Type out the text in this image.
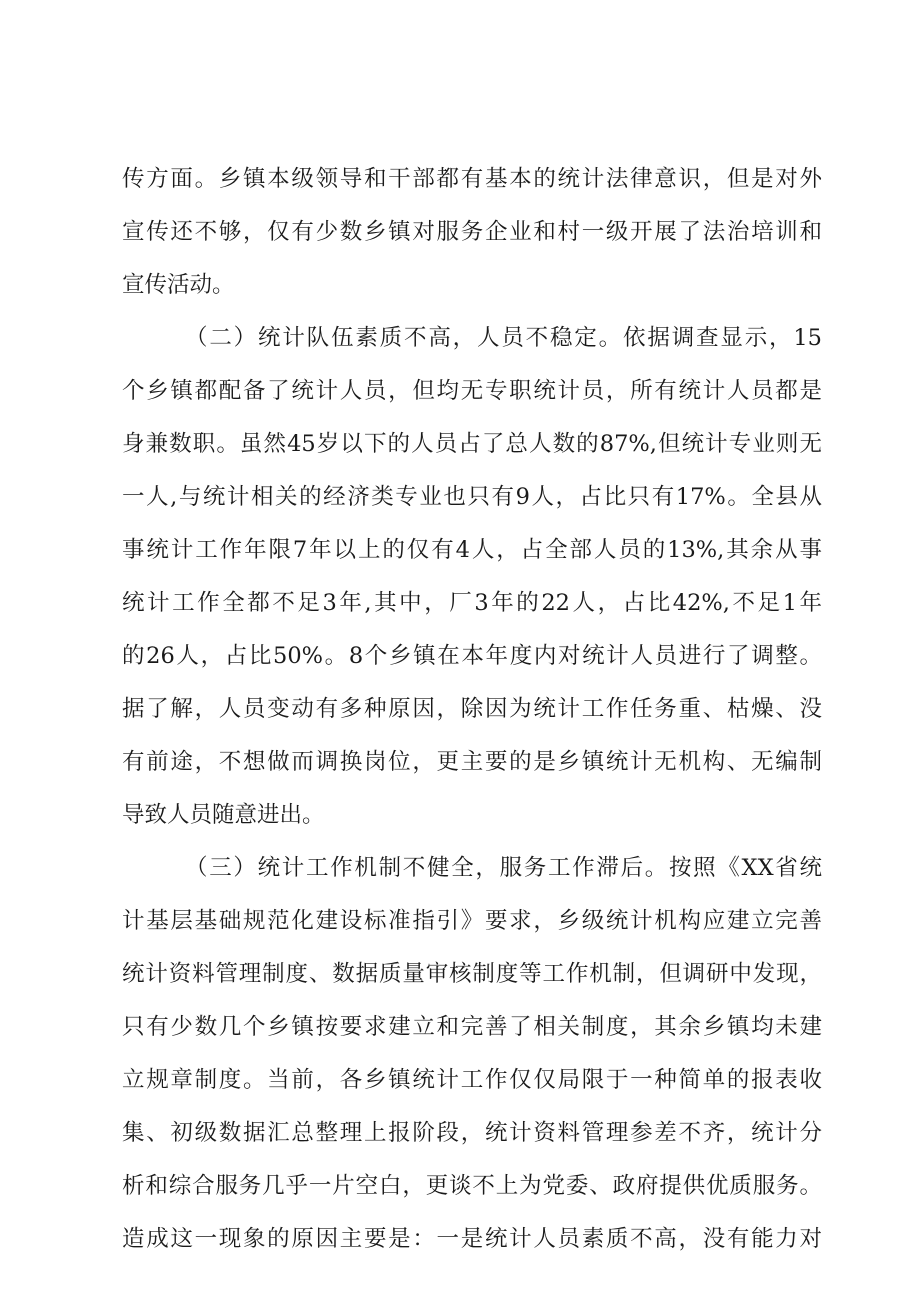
传方面。乡镇本级领导和干部都有基本的统计法律意识，但是对外
宣传还不够，仅有少数乡镇对服务企业和村一级开展了法治培训和
宣传活动。
（二）统计队伍素质不高，人员不稳定。依据调查显示，15
个乡镇都配备了统计人员，但均无专职统计员，所有统计人员都是
身兼数职。虽然45岁以下的人员占了总人数的87%,但统计专业则无
一人,与统计相关的经济类专业也只有9人，占比只有17%。全县从
事统计工作年限7年以上的仅有4人，占全部人员的13%,其余从事
统计工作全都不足3年,其中，厂3年的22人，占比42%,不足1年
的26人，占比50%。8个乡镇在本年度内对统计人员进行了调整。
据了解，人员变动有多种原因，除因为统计工作任务重、枯燥、没
有前途，不想做而调换岗位，更主要的是乡镇统计无机构、无编制
导致人员随意进出。
（三）统计工作机制不健全，服务工作滞后。按照《XX省统
计基层基础规范化建设标准指引》要求，乡级统计机构应建立完善
统计资料管理制度、数据质量审核制度等工作机制，但调研中发现，
只有少数几个乡镇按要求建立和完善了相关制度，其余乡镇均未建
立规章制度。当前，各乡镇统计工作仅仅局限于一种简单的报表收
集、初级数据汇总整理上报阶段，统计资料管理参差不齐，统计分
析和综合服务几乎一片空白，更谈不上为党委、政府提供优质服务。
造成这一现象的原因主要是：一是统计人员素质不高，没有能力对
